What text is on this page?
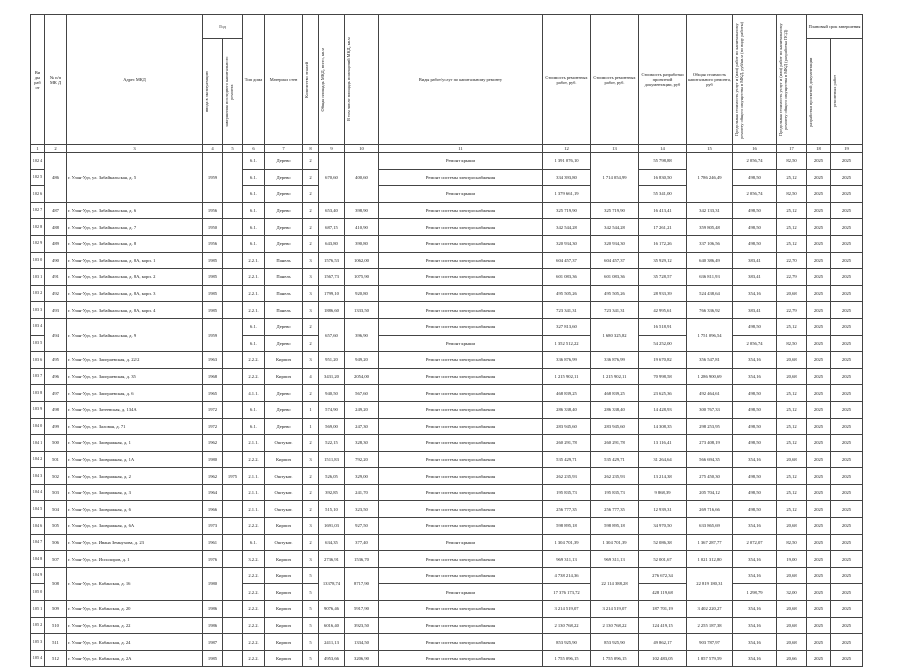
Ви ды раб от	№ п/п МК Д	Адрес МКД	Год		Тип дома	Материал стен	Количество этажей	Общая площадь МКД, всего, кв.м	В том числе площадь помещений МКД, кв.м	Виды работ/услуг по капитальному ремонту	Стоимость ремонтных работ, руб.	Стоимость ремонтных работ, руб.	Стоимость разработки проектной документации, руб	Общая стоимость капитального ремонта, руб	Предельная стоимость услуг и (или) работ по капитальному ремонту общего имущества в МКД, руб/кв.м (по виду работы)	Предельная стоимость услуг и (или) работ по капитальному ремонту общего имущества в МКД (разработка ПСД)	Плановый срок завершения	

			ввода в эксплуатацию	завершения последнего капитального ремонта													разработки проектной документации	ремонтных работ

1	2	3	4	5	6	7	8	9	10	11	12	13	14	15	16	17	18	19
102 4	486	г. Улан-Удэ, ул. Забайкальская, д. 5	1959		6.1.	Дерево	2	670,60	400,60	Ремонт крыши	1 391 076,10	1 714 054,99	55 798,88	1 786 246,49	2 056,74	82,50	2025	2025
102 5					6.1.	Дерево	2			Ремонт системы электроснабжения	334 393,80		16 830,50		498,50	25,12	2025	2025
102 6					6.1.	Дерево	2			Ремонт крыши	1 379 661,19		55 341,00		2 056,74	82,50	2025	2025
102 7	487	г. Улан-Удэ, ул. Забайкальская, д. 6	1956		6.1.	Дерево	2	653,40	398,90	Ремонт системы электроснабжения	325 719,90	325 719,90	16 413,41	342 133,31	498,50	25,12	2025	2025
102 8	488	г. Улан-Удэ, ул. Забайкальская, д. 7	1950		6.1.	Дерево	2	687,15	410,90	Ремонт системы электроснабжения	342 544,28	342 544,28	17 261,21	359 805,48	498,50	25,12	2025	2025
102 9	489	г. Улан-Удэ, ул. Забайкальская, д. 8	1956		6.1.	Дерево	2	643,80	390,80	Ремонт системы электроснабжения	320 934,30	320 934,30	16 172,26	337 106,56	498,50	25,12	2025	2025
103 0	490	г. Улан-Удэ, ул. Забайкальская, д. 8А, корп. 1	1985		2.2.1.	Панель	3	1576,53	1062,00	Ремонт системы электроснабжения	604 457,37	604 457,37	35 929,12	640 386,49	383,41	22,70	2025	2025
103 1	491	г. Улан-Удэ, ул. Забайкальская, д. 8А, корп. 2	1985		2.2.1.	Панель	3	1567,73	1075,90	Ремонт системы электроснабжения	601 083,36	601 083,36	35 728,57	636 811,93	383,41	22,79	2025	2025
103 2	492	г. Улан-Удэ, ул. Забайкальская, д. 8А, корп. 3	1985		2.2.1.	Панель	3	1799,10	920,80	Ремонт системы электроснабжения	495 505,26	495 505,26	28 933,39	524 438,64	354,16	20,68	2025	2025
103 3	493	г. Улан-Удэ, ул. Забайкальская, д. 8А, корп. 4	1985		2.2.1.	Панель	3	1886,60	1333,50	Ремонт системы электроснабжения	723 341,31	723 341,31	42 995,61	766 336,92	383,41	22,79	2025	2025
103 4	494	г. Улан-Удэ, ул. Забайкальская, д. 9	1959		6.1.	Дерево	2	657,60	396,90	Ремонт системы электроснабжения	327 813,60	1 680 325,82	16 518,91	1 751 096,54	498,50	25,12	2025	2025
103 5					6.1.	Дерево	2			Ремонт крыши	1 352 512,22		54 252,00		2 056,74	82,50	2025	2025
103 6	495	г. Улан-Удэ, ул. Заиграевская, д. 22/2	1963		2.2.2.	Кирпич	3	951,20	949,20	Ремонт системы электроснабжения	336 876,99	336 876,99	19 670,82	356 547,81	354,16	20,68	2025	2025
103 7	496	г. Улан-Удэ, ул. Заиграевская, д. 35	1968		2.2.2.	Кирпич	4	3431,20	2054,00	Ремонт системы электроснабжения	1 215 902,11	1 215 902,11	70 998,58	1 286 900,69	354,16	20,68	2025	2025
103 8	497	г. Улан-Удэ, ул. Заиграевская, д. 6	1965		4.1.1.	Дерево	2	940,50	567,60	Ремонт системы электроснабжения	468 839,25	468 839,25	23 625,36	492 464,61	498,50	25,12	2025	2025
103 9	498	г. Улан-Удэ, ул. Затеевская, д. 134А	1972		6.1.	Дерево	1	574,90	249,20	Ремонт системы электроснабжения	286 338,40	286 338,40	14 428,93	300 767,33	498,50	25,12	2025	2025
104 0	499	г. Улан-Удэ, ул. Заловая, д. 71	1972		6.1.	Дерево	1	569,00	247,30	Ремонт системы электроснабжения	283 945,60	283 945,60	14 308,35	298 253,95	498,50	25,12	2025	2025
104 1	500	г. Улан-Удэ, ул. Заовражная, д. 1	1962		2.1.1.	Оштукат.	2	522,15	328,30	Ремонт системы электроснабжения	260 291,78	260 291,78	13 116,41	273 408,19	498,50	25,12	2025	2025
104 2	501	г. Улан-Удэ, ул. Заовражная, д. 1А	1980		2.2.2.	Кирпич	3	1511,83	792,20	Ремонт системы электроснабжения	535 429,71	535 429,71	31 264,64	566 694,35	354,16	20,68	2025	2025
104 3	502	г. Улан-Удэ, ул. Заовражная, д. 2	1962	1975	2.1.1.	Оштукат.	2	526,05	329,00	Ремонт системы электроснабжения	262 235,93	262 235,93	13 214,38	275 450,30	498,50	25,12	2025	2025
104 4	503	г. Улан-Удэ, ул. Заовражная, д. 3	1964		2.1.1.	Оштукат.	2	392,85	241,70	Ремонт системы электроснабжения	195 835,73	195 835,73	9 868,39	205 704,12	498,50	25,12	2025	2025
104 5	504	г. Улан-Удэ, ул. Заовражная, д. 6	1966		2.1.1.	Оштукат.	2	515,10	323,50	Ремонт системы электроснабжения	256 777,35	256 777,35	12 939,31	269 716,66	498,50	25,12	2025	2025
104 6	505	г. Улан-Удэ, ул. Заовражная, д. 6А	1973		2.2.2.	Кирпич	3	1691,03	927,50	Ремонт системы электроснабжения	598 895,18	598 895,18	34 970,50	633 865,69	354,16	20,68	2025	2025
104 7	506	г. Улан-Удэ, ул. Ивана Земнухова, д. 23	1961		6.1.	Оштукат.	2	634,35	377,40	Ремонт крыши	1 304 701,39	1 304 701,39	52 086,38	1 367 287,77	2 072,07	82,50	2025	2025
104 8	507	г. Улан-Удэ, ул. Исполиров, д. 1	1976		3.2.2.	Кирпич	3	2736,91	1536,70	Ремонт системы электроснабжения	969 311,13	969 311,13	52 001,67	1 021 312,80	354,16	19,00	2025	2025
104 9	508	г. Улан-Удэ, ул. Кабанская, д. 16	1980		2.2.2.	Кирпич	5	13378,74	8717,90	Ремонт системы электроснабжения	4 738 214,36	22 114 388,28	276 672,34	22 819 180,31	354,16	20,68	2025	2025
105 0					2.2.2.	Кирпич	5			Ремонт крыши	17 376 173,72		428 119,68		1 298,79	32,00	2025	2025
105 1	509	г. Улан-Удэ, ул. Кабанская, д. 20	1986		2.2.2.	Кирпич	5	9076,46	5917,90	Ремонт системы электроснабжения	3 214 519,07	3 214 519,07	187 701,19	3 402 220,27	354,16	20,68	2025	2025
105 2	510	г. Улан-Удэ, ул. Кабанская, д. 22	1986		2.2.2.	Кирпич	5	6016,40	3923,50	Ремонт системы электроснабжения	2 130 768,22	2 130 768,22	124 419,15	2 255 187,38	354,16	20,68	2025	2025
105 3	511	г. Улан-Удэ, ул. Кабанская, д. 24	1987		2.2.2.	Кирпич	5	2411,13	1334,50	Ремонт системы электроснабжения	853 925,90	853 925,90	49 862,17	903 787,97	354,16	20,68	2025	2025
105 4	512	г. Улан-Удэ, ул. Кабанская, д. 2А	1985		2.2.2.	Кирпич	5	4953,66	3206,90	Ремонт системы электроснабжения	1 755 096,15	1 755 096,15	102 483,05	1 857 579,59	354,16	20,66	2025	2025
